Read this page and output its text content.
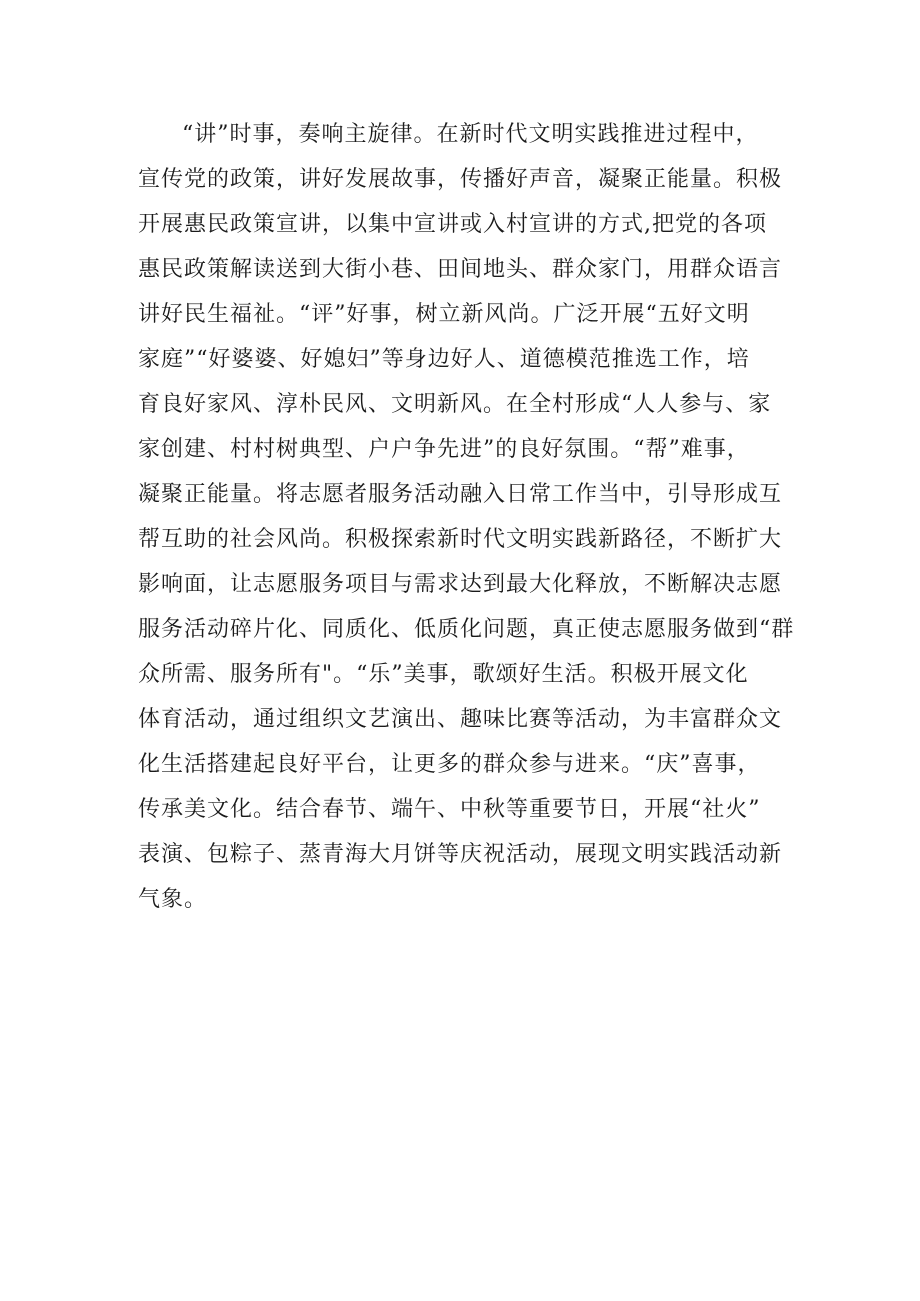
“讲”时事，奏响主旋律。在新时代文明实践推进过程中，
宣传党的政策，讲好发展故事，传播好声音，凝聚正能量。积极
开展惠民政策宣讲，以集中宣讲或入村宣讲的方式,把党的各项
惠民政策解读送到大街小巷、田间地头、群众家门，用群众语言
讲好民生福祉。“评”好事，树立新风尚。广泛开展“五好文明
家庭”“好婆婆、好媳妇”等身边好人、道德模范推选工作，培
育良好家风、淳朴民风、文明新风。在全村形成“人人参与、家
家创建、村村树典型、户户争先进”的良好氛围。“帮”难事，
凝聚正能量。将志愿者服务活动融入日常工作当中，引导形成互
帮互助的社会风尚。积极探索新时代文明实践新路径，不断扩大
影响面，让志愿服务项目与需求达到最大化释放，不断解决志愿
服务活动碎片化、同质化、低质化问题，真正使志愿服务做到“群
众所需、服务所有"。“乐”美事，歌颂好生活。积极开展文化
体育活动，通过组织文艺演出、趣味比赛等活动，为丰富群众文
化生活搭建起良好平台，让更多的群众参与进来。“庆”喜事，
传承美文化。结合春节、端午、中秋等重要节日，开展“社火”
表演、包粽子、蒸青海大月饼等庆祝活动，展现文明实践活动新
气象。
